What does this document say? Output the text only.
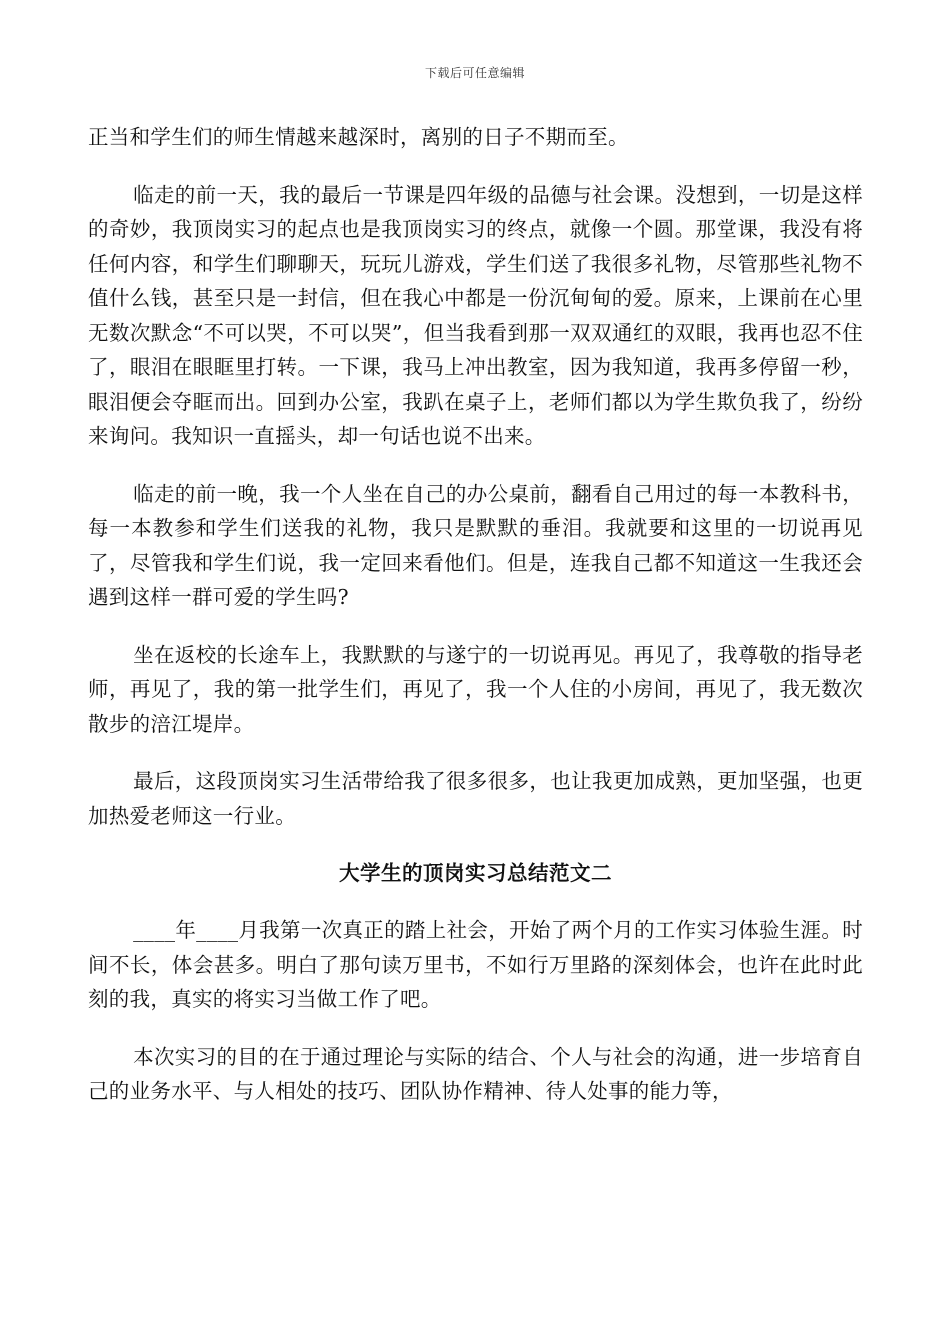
下载后可任意编辑

正当和学生们的师生情越来越深时，离别的日子不期而至。

临走的前一天，我的最后一节课是四年级的品德与社会课。没想到，一切是这样的奇妙，我顶岗实习的起点也是我顶岗实习的终点，就像一个圆。那堂课，我没有将任何内容，和学生们聊聊天，玩玩儿游戏，学生们送了我很多礼物，尽管那些礼物不值什么钱，甚至只是一封信，但在我心中都是一份沉甸甸的爱。原来，上课前在心里无数次默念“不可以哭，不可以哭”，但当我看到那一双双通红的双眼，我再也忍不住了，眼泪在眼眶里打转。一下课，我马上冲出教室，因为我知道，我再多停留一秒，眼泪便会夺眶而出。回到办公室，我趴在桌子上，老师们都以为学生欺负我了，纷纷来询问。我知识一直摇头，却一句话也说不出来。

临走的前一晚，我一个人坐在自己的办公桌前，翻看自己用过的每一本教科书，每一本教参和学生们送我的礼物，我只是默默的垂泪。我就要和这里的一切说再见了，尽管我和学生们说，我一定回来看他们。但是，连我自己都不知道这一生我还会遇到这样一群可爱的学生吗?

坐在返校的长途车上，我默默的与遂宁的一切说再见。再见了，我尊敬的指导老师，再见了，我的第一批学生们，再见了，我一个人住的小房间，再见了，我无数次散步的涪江堤岸。

最后，这段顶岗实习生活带给我了很多很多，也让我更加成熟，更加坚强，也更加热爱老师这一行业。

大学生的顶岗实习总结范文二

____年____月我第一次真正的踏上社会，开始了两个月的工作实习体验生涯。时间不长，体会甚多。明白了那句读万里书，不如行万里路的深刻体会，也许在此时此刻的我，真实的将实习当做工作了吧。

本次实习的目的在于通过理论与实际的结合、个人与社会的沟通，进一步培育自己的业务水平、与人相处的技巧、团队协作精神、待人处事的能力等，
